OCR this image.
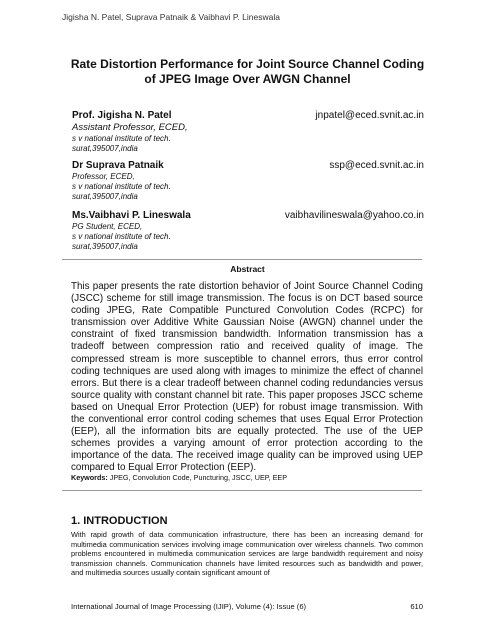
Jigisha N. Patel, Suprava Patnaik & Vaibhavi P. Lineswala
Rate Distortion Performance for Joint Source Channel Coding
of JPEG Image Over AWGN Channel
Prof. Jigisha N. Patel	jnpatel@eced.svnit.ac.in
Assistant Professor, ECED,
s v national institute of tech.
surat,395007,india
Dr Suprava Patnaik	ssp@eced.svnit.ac.in
Professor, ECED,
s v national institute of tech.
surat,395007,india
Ms.Vaibhavi P. Lineswala	vaibhavilineswala@yahoo.co.in
PG Student, ECED,
s v national institute of tech.
surat,395007,india
Abstract
This paper presents the rate distortion behavior of Joint Source Channel Coding (JSCC) scheme for still image transmission. The focus is on DCT based source coding JPEG, Rate Compatible Punctured Convolution Codes (RCPC) for transmission over Additive White Gaussian Noise (AWGN) channel under the constraint of fixed transmission bandwidth. Information transmission has a tradeoff between compression ratio and received quality of image. The compressed stream is more susceptible to channel errors, thus error control coding techniques are used along with images to minimize the effect of channel errors. But there is a clear tradeoff between channel coding redundancies versus source quality with constant channel bit rate. This paper proposes JSCC scheme based on Unequal Error Protection (UEP) for robust image transmission. With the conventional error control coding schemes that uses Equal Error Protection (EEP), all the information bits are equally protected. The use of the UEP schemes provides a varying amount of error protection according to the importance of the data. The received image quality can be improved using UEP compared to Equal Error Protection (EEP).
Keywords: JPEG, Convolution Code, Puncturing, JSCC, UEP, EEP
1. INTRODUCTION
With rapid growth of data communication infrastructure, there has been an increasing demand for multimedia communication services involving image communication over wireless channels. Two common problems encountered in multimedia communication services are large bandwidth requirement and noisy transmission channels. Communication channels have limited resources such as bandwidth and power, and multimedia sources usually contain significant amount of
International Journal of Image Processing (IJIP), Volume (4): Issue (6)	610
